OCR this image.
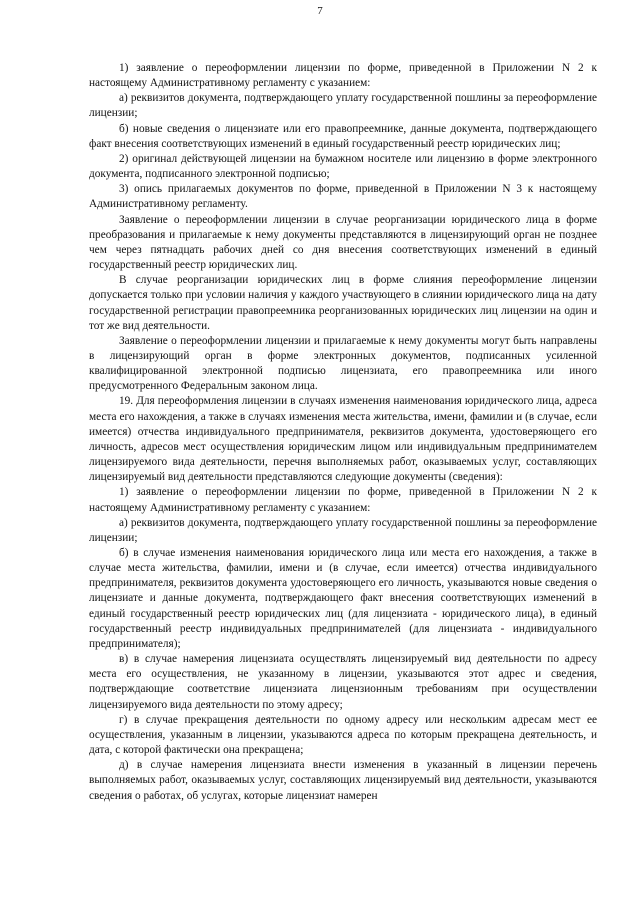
7

1) заявление о переоформлении лицензии по форме, приведенной в Приложении N 2 к настоящему Административному регламенту с указанием:

а) реквизитов документа, подтверждающего уплату государственной пошлины за переоформление лицензии;

б) новые сведения о лицензиате или его правопреемнике, данные документа, подтверждающего факт внесения соответствующих изменений в единый государственный реестр юридических лиц;

2) оригинал действующей лицензии на бумажном носителе или лицензию в форме электронного документа, подписанного электронной подписью;

3) опись прилагаемых документов по форме, приведенной в Приложении N 3 к настоящему Административному регламенту.

Заявление о переоформлении лицензии в случае реорганизации юридического лица в форме преобразования и прилагаемые к нему документы представляются в лицензирующий орган не позднее чем через пятнадцать рабочих дней со дня внесения соответствующих изменений в единый государственный реестр юридических лиц.

В случае реорганизации юридических лиц в форме слияния переоформление лицензии допускается только при условии наличия у каждого участвующего в слиянии юридического лица на дату государственной регистрации правопреемника реорганизованных юридических лиц лицензии на один и тот же вид деятельности.

Заявление о переоформлении лицензии и прилагаемые к нему документы могут быть направлены в лицензирующий орган в форме электронных документов, подписанных усиленной квалифицированной электронной подписью лицензиата, его правопреемника или иного предусмотренного Федеральным законом лица.

19. Для переоформления лицензии в случаях изменения наименования юридического лица, адреса места его нахождения, а также в случаях изменения места жительства, имени, фамилии и (в случае, если имеется) отчества индивидуального предпринимателя, реквизитов документа, удостоверяющего его личность, адресов мест осуществления юридическим лицом или индивидуальным предпринимателем лицензируемого вида деятельности, перечня выполняемых работ, оказываемых услуг, составляющих лицензируемый вид деятельности представляются следующие документы (сведения):

1) заявление о переоформлении лицензии по форме, приведенной в Приложении N 2 к настоящему Административному регламенту с указанием:

а) реквизитов документа, подтверждающего уплату государственной пошлины за переоформление лицензии;

б) в случае изменения наименования юридического лица или места его нахождения, а также в случае места жительства, фамилии, имени и (в случае, если имеется) отчества индивидуального предпринимателя, реквизитов документа удостоверяющего его личность, указываются новые сведения о лицензиате и данные документа, подтверждающего факт внесения соответствующих изменений в единый государственный реестр юридических лиц (для лицензиата - юридического лица), в единый государственный реестр индивидуальных предпринимателей (для лицензиата - индивидуального предпринимателя);

в) в случае намерения лицензиата осуществлять лицензируемый вид деятельности по адресу места его осуществления, не указанному в лицензии, указываются этот адрес и сведения, подтверждающие соответствие лицензиата лицензионным требованиям при осуществлении лицензируемого вида деятельности по этому адресу;

г) в случае прекращения деятельности по одному адресу или нескольким адресам мест ее осуществления, указанным в лицензии, указываются адреса по которым прекращена деятельность, и дата, с которой фактически она прекращена;

д) в случае намерения лицензиата внести изменения в указанный в лицензии перечень выполняемых работ, оказываемых услуг, составляющих лицензируемый вид деятельности, указываются сведения о работах, об услугах, которые лицензиат намерен
